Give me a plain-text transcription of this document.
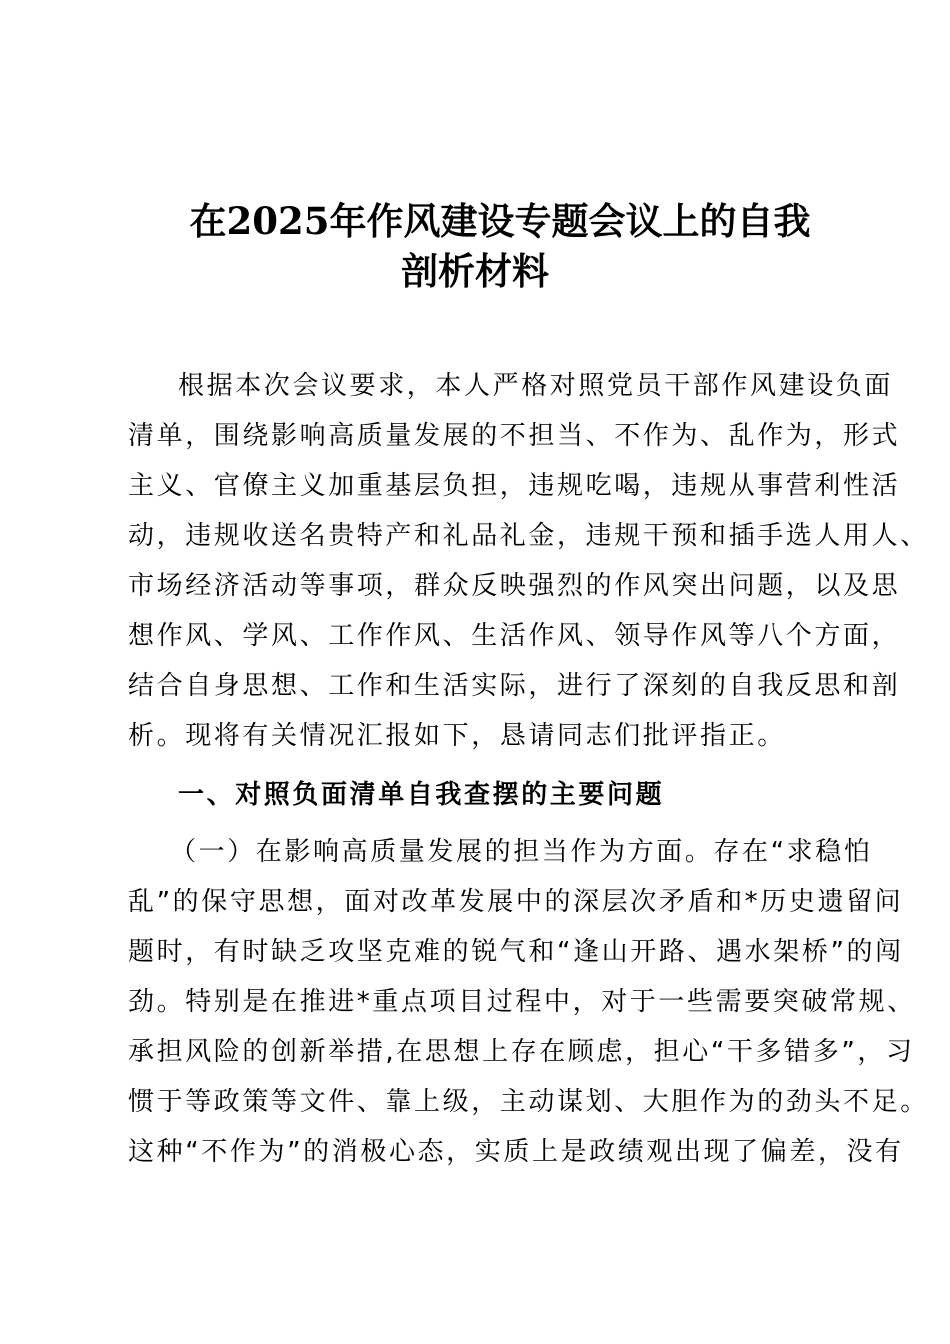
在2025年作风建设专题会议上的自我
剖析材料
根据本次会议要求，本人严格对照党员干部作风建设负面
清单，围绕影响高质量发展的不担当、不作为、乱作为，形式
主义、官僚主义加重基层负担，违规吃喝，违规从事营利性活
动，违规收送名贵特产和礼品礼金，违规干预和插手选人用人、
市场经济活动等事项，群众反映强烈的作风突出问题，以及思
想作风、学风、工作作风、生活作风、领导作风等八个方面，
结合自身思想、工作和生活实际，进行了深刻的自我反思和剖
析。现将有关情况汇报如下，恳请同志们批评指正。
一、对照负面清单自我查摆的主要问题
（一）在影响高质量发展的担当作为方面。存在“求稳怕
乱”的保守思想，面对改革发展中的深层次矛盾和*历史遗留问
题时，有时缺乏攻坚克难的锐气和“逢山开路、遇水架桥”的闯
劲。特别是在推进*重点项目过程中，对于一些需要突破常规、
承担风险的创新举措,在思想上存在顾虑，担心“干多错多”，习
惯于等政策等文件、靠上级，主动谋划、大胆作为的劲头不足。
这种“不作为”的消极心态，实质上是政绩观出现了偏差，没有
